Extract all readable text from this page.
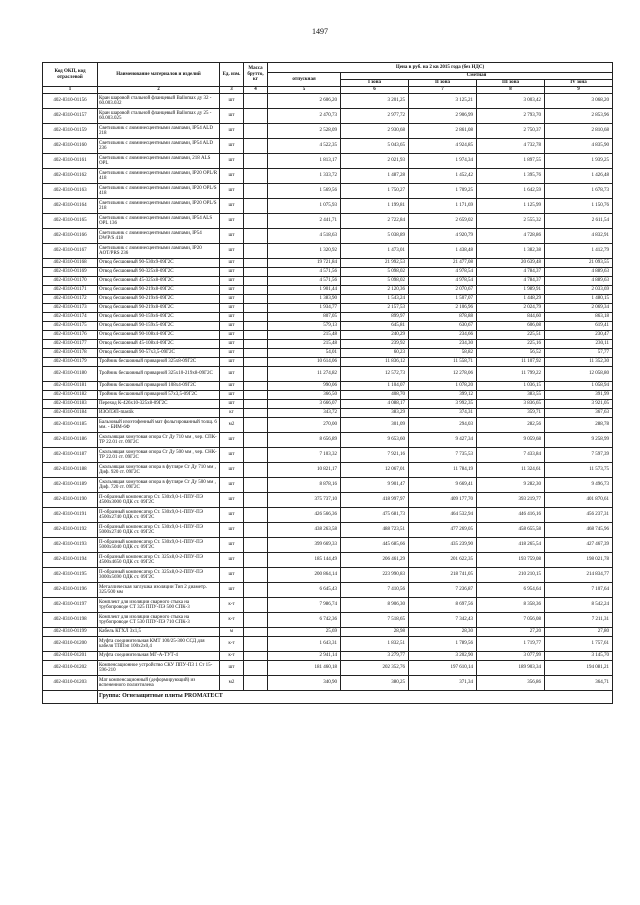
1497
Код ОКП, код отраслевой	Наименование материалов и изделий	Ед. изм.	Масса брутто, кг	Цена в руб. на 2 кв 2015 года (без НДС)				
				отпускная	Сметная			
					I зона	II зона	III зона	IV зона
1	2	3	4	5	6	7	8	9
402-8310-01156	Кран шаровой стальной фланцевый Ballomax ду 32 - 60.003.032	шт		2 606,20	3 201,25	3 125,21	3 003,42	3 068,20
402-8310-01157	Кран шаровой стальной фланцевый Ballomax ду 25 - 60.003.025	шт		2 470,73	2 977,72	2 906,99	2 793,70	2 853,96
402-8310-01159	Светильник с люминесцентными лампами, IP54 ALD 218	шт		2 528,09	2 930,68	2 861,08	2 750,37	2 810,68
402-8310-01160	Светильник с люминесцентными лампами, IP54 ALD 236	шт		4 522,35	5 043,65	4 924,85	4 732,78	4 835,90
402-8310-01161	Светильник с люминесцентными лампами, 218 ALS OPL	шт		1 813,17	2 021,93	1 974,34	1 897,55	1 939,25
402-8310-01162	Светильник с люминесцентными лампами, IP20 OPL/R 418	шт		1 333,72	1 487,28	1 452,42	1 395,76	1 426,48
402-8310-01163	Светильник с люминесцентными лампами, IP20 OPL/S 418	шт		1 569,56	1 750,27	1 709,25	1 642,59	1 678,73
402-8310-01164	Светильник с люминесцентными лампами, IP20 OPL/S 218	шт		1 075,93	1 199,81	1 171,69	1 125,99	1 150,76
402-8310-01165	Светильник с люминесцентными лампами, IP54 ALS OPL 136	шт		2 441,71	2 722,84	2 659,02	2 555,32	2 611,54
402-8310-01166	Светильник с люминесцентными лампами, IP54 DWP/S 418	шт		4 518,63	5 038,89	4 920,79	4 728,86	4 832,91
402-8310-01167	Светильник с люминесцентными лампами, IP20 AOT/PRS 236	шт		1 320,92	1 473,01	1 438,48	1 382,38	1 412,79
402-8310-01168	Отвод бесшовный 90-530х9-09Г2С	шт		19 721,84	21 992,53	21 477,08	20 639,48	21 093,55
402-8310-01169	Отвод бесшовный 90-325х8-09Г2С	шт		4 571,56	5 098,02	4 978,54	4 784,37	4 889,63
402-8310-01170	Отвод бесшовный 45-325х8-09Г2С	шт		4 571,56	5 098,02	4 978,54	4 784,37	4 889,63
402-8310-01171	Отвод бесшовный 90-219х8-09Г2С	шт		1 901,44	2 120,36	2 070,67	1 989,91	2 033,69
402-8310-01172	Отвод бесшовный 90-219х6-09Г2С	шт		1 383,90	1 543,24	1 507,07	1 448,29	1 480,15
402-8310-01173	Отвод бесшовный 90-219х8-09Г2С	шт		1 934,77	2 157,53	2 106,96	2 024,79	2 069,34
402-8310-01174	Отвод бесшовный 90-159х6-09Г2С	шт		807,05	899,97	878,88	844,60	863,18
402-8310-01175	Отвод бесшовный 90-159х5-09Г2С	шт		579,13	645,81	630,67	606,08	619,41
402-8310-01176	Отвод бесшовный 90-108х4-09Г2С	шт		215,48	240,29	234,66	225,51	230,47
402-8310-01177	Отвод бесшовный 45-108х4-09Г2С	шт		215,48	239,92	234,30	225,16	230,11
402-8310-01178	Отвод бесшовный 90-57х3,5-09Г2С	шт		54,01	60,23	58,82	56,52	57,77
402-8310-01179	Тройник бесшовный приварной 325х8-09Г2С	шт		10 614,06	11 836,12	11 558,71	11 107,92	11 352,30
402-8310-01180	Тройник бесшовный приварной 325х10-219х8-09Г2С	шт		11 274,82	12 572,73	12 278,06	11 799,22	12 058,80
402-8310-01181	Тройник бесшовный приварной 108х4-09Г2С	шт		990,06	1 104,07	1 078,20	1 036,15	1 058,94
402-8310-01182	Тройник бесшовный приварной 57х3,5-09Г2С	шт		366,50	408,70	399,12	383,55	391,99
402-8310-01183	Переход К-426х10-325х8-09Г2С	шт		3 666,07	4 088,17	3 992,35	3 836,65	3 921,05
402-8310-01184	ИЗОЛЭП-mastik	кг		343,72	383,29	374,31	359,71	367,63
402-8310-01185	Бальзовый изоэтофенный мат фольгированный толщ. 6 мм. - БИМ-6Ф	м2		270,00	301,09	294,03	282,56	288,78
402-8310-01186	Скользящая хомутовая опора Ст Ду 710 мм , чер. СПК-ТР 22.01 ст. 09Г2С	шт		8 656,89	9 653,60	9 427,34	9 059,68	9 258,99
402-8310-01187	Скользящая хомутовая опора Ст Ду 500 мм , чер. СНК-ТР 22.01 ст. 09Г2С	шт		7 103,32	7 921,16	7 735,53	7 433,84	7 597,39
402-8310-01188	Скользящая хомутовая опора в футляре Ст Ду 710 мм , Диф. 920 ст. 09Г2С	шт		10 821,17	12 067,01	11 784,19	11 324,61	11 573,75
402-8310-01189	Скользящая хомутовая опора в футляре Ст Ду 500 мм , Диф. 720 ст. 09Г2С	шт		8 878,16	9 901,47	9 669,41	9 282,30	9 496,73
402-8310-01190	П-образный компенсатор Ст. 530х9,0-1-ППУ-ПЭ 4500х3000 ОДК ст. 09Г2С	шт		375 737,10	418 997,97	409 177,70	393 219,77	401 870,61
402-8310-01191	П-образный компенсатор Ст. 530х9,0-1-ППУ-ПЭ 4500х2740 ОДК ст. 09Г2С	шт		426 566,36	475 681,73	464 532,94	446 416,16	456 237,31
402-8310-01192	П-образный компенсатор Ст. 530х9,0-1-ППУ-ПЭ 5000х2740 ОДК ст. 09Г2С	шт		438 263,58	488 723,51	477 269,05	458 655,58	468 745,96
402-8310-01193	П-образный компенсатор Ст. 530х9,0-1-ППУ-ПЭ 5000х5040 ОДК ст. 09Г2С	шт		399 669,33	445 685,66	435 239,90	418 265,54	427 467,39
402-8310-01194	П-образный компенсатор Ст. 325х8,0-2-ППУ-ПЭ 4500х4650 ОДК ст. 09Г2С	шт		185 144,49	206 461,29	201 622,35	193 759,08	198 021,78
402-8310-01195	П-образный компенсатор Ст. 325х8,0-2-ППУ-ПЭ 3000х5690 ОДК ст. 09Г2С	шт		200 864,14	223 990,83	218 741,05	210 210,15	214 834,77
402-8310-01196	Металлическая заглушка изоляции Тип 2 диаметр. 325/500 мм	шт		6 645,43	7 410,56	7 236,87	6 954,64	7 107,64
402-8310-01197	Комплект для изоляции сварного стыка на трубопроводе СТ 325 ППУ-ПЭ 500 СПК-3	к-т		7 986,74	8 906,30	8 697,56	8 358,36	8 542,24
402-8310-01198	Комплект для изоляции сварного стыка на трубопроводе СТ 530 ППУ-ПЭ 710 СПК-3	к-т		6 742,36	7 518,65	7 342,43	7 056,08	7 211,31
402-8310-01199	Кабель КГХЛ 3х1,5	м		25,69	28,98	28,30	27,20	27,80
402-8310-01200	Муфта соединительная КМТ 100/25-300 ССД для кабеля ТППэп 100х2х0,4	к-т		1 643,31	1 832,51	1 789,56	1 719,77	1 757,61
402-8310-01201	Муфта соединительная МГ-А-ТУТ-4	к-т		2 941,14	3 279,77	3 202,90	3 077,99	3 145,70
402-8310-01202	Компенсационное устройство СКУ ППУ-П3 1 Ст 15-596-210	шт		181 460,18	202 352,76	197 610,14	189 903,34	194 081,21
402-8310-01203	Мат компенсационный (деформирующий) из вспененного полиэтилена	м2		340,90	380,25	371,34	356,86	364,71
	Группа: Огнезащитные плиты PROMATECT							
